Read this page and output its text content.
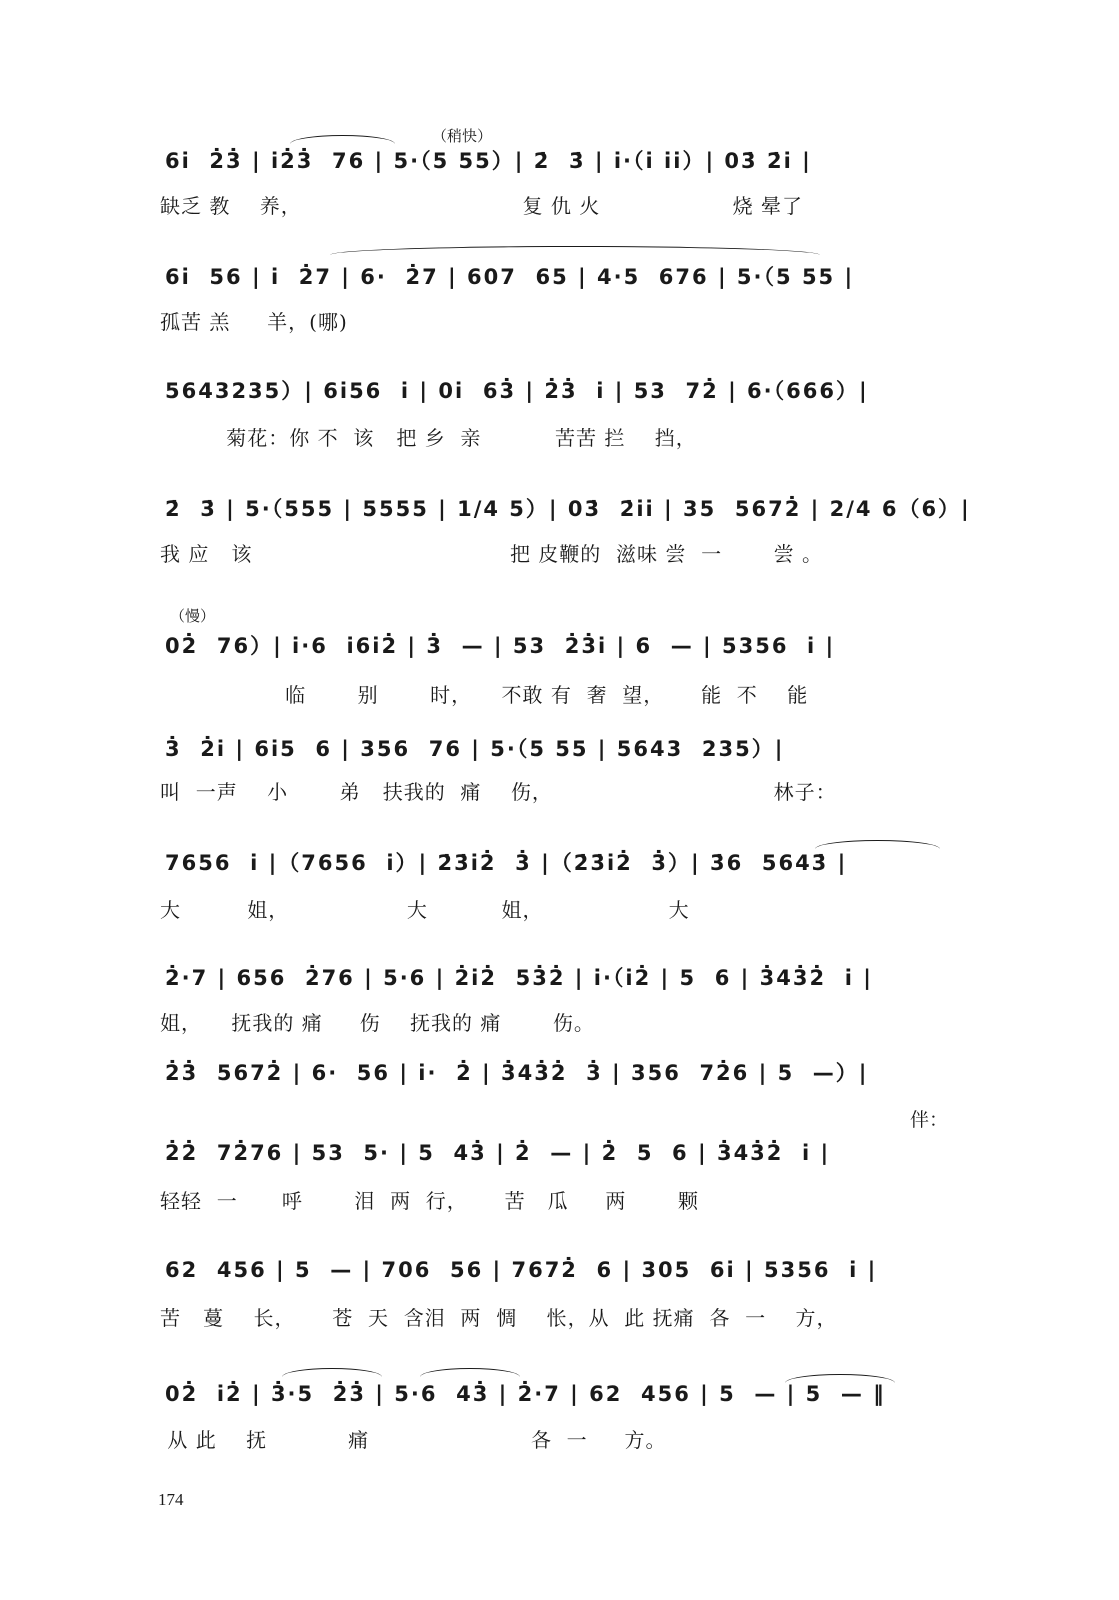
（稍快）
6i  2̇3̇ | i2̇3̇  76 | 5·（5 55）| 2̇  3̇ | i·（i ii）| 03̇ 2̇i |
缺乏 教    养，                              复 仇 火                  烧 晕了
6i  56 | i  2̇7 | 6·  2̇7 | 607  65 | 4·5  676 | 5·（5 55 |
孤苦 羔     羊，(哪)
5643235）| 6i56  i | 0i  63̇ | 2̇3̇  i | 53  72̇ | 6·（666）|
菊花：你 不  该   把 乡  亲          苦苦 拦    挡，
2̇  3̇ | 5·（555 | 5555 | 1/4 5）| 03̇  2̇ii | 35  5672̇ | 2/4 6（6）|
我 应   该                                   把 皮鞭的  滋味 尝  一       尝 。
（慢）
02̇  76）| i·6  i6i2̇ | 3̇  — | 53  2̇3̇i | 6  — | 5356  i |
临       别       时，    不敢 有  奢  望，     能  不    能
3̇  2̇i | 6i5  6 | 356  76 | 5·（5 55 | 5643  235）|
叫  一声    小       弟   扶我的  痛    伤，                              林子：
7656  i |（7656  i）| 2̇3̇i2̇  3̇ |（2̇3̇i2̇  3̇）| 3̇6  5643̇ |
大         姐，                大          姐，                 大
2̇·7 | 656  2̇76 | 5·6 | 2̇i2̇  53̇2̇ | i·（i2̇ | 5  6 | 3̇43̇2̇  i |
姐，    抚我的 痛     伤    抚我的 痛       伤。
2̇3̇  5672̇ | 6·  56 | i·  2̇ | 3̇43̇2̇  3̇ | 356  72̇6 | 5  —）|
伴：
2̇2̇  72̇76 | 53  5· | 5  43̇ | 2̇  — | 2̇  5  6 | 3̇43̇2̇  i |
轻轻  一      呼       泪  两  行，     苦   瓜     两       颗
62  456 | 5  — | 706  56 | 7672̇  6 | 305  6i | 5356  i |
苦   蔓    长，     苍  天  含泪  两  惆    怅，从  此 抚痛  各  一    方，
02̇  i2̇ | 3̇·5  2̇3̇ | 5·6  43̇ | 2̇·7 | 62  456 | 5  — | 5  — ‖
从 此    抚           痛                      各  一     方。
174
